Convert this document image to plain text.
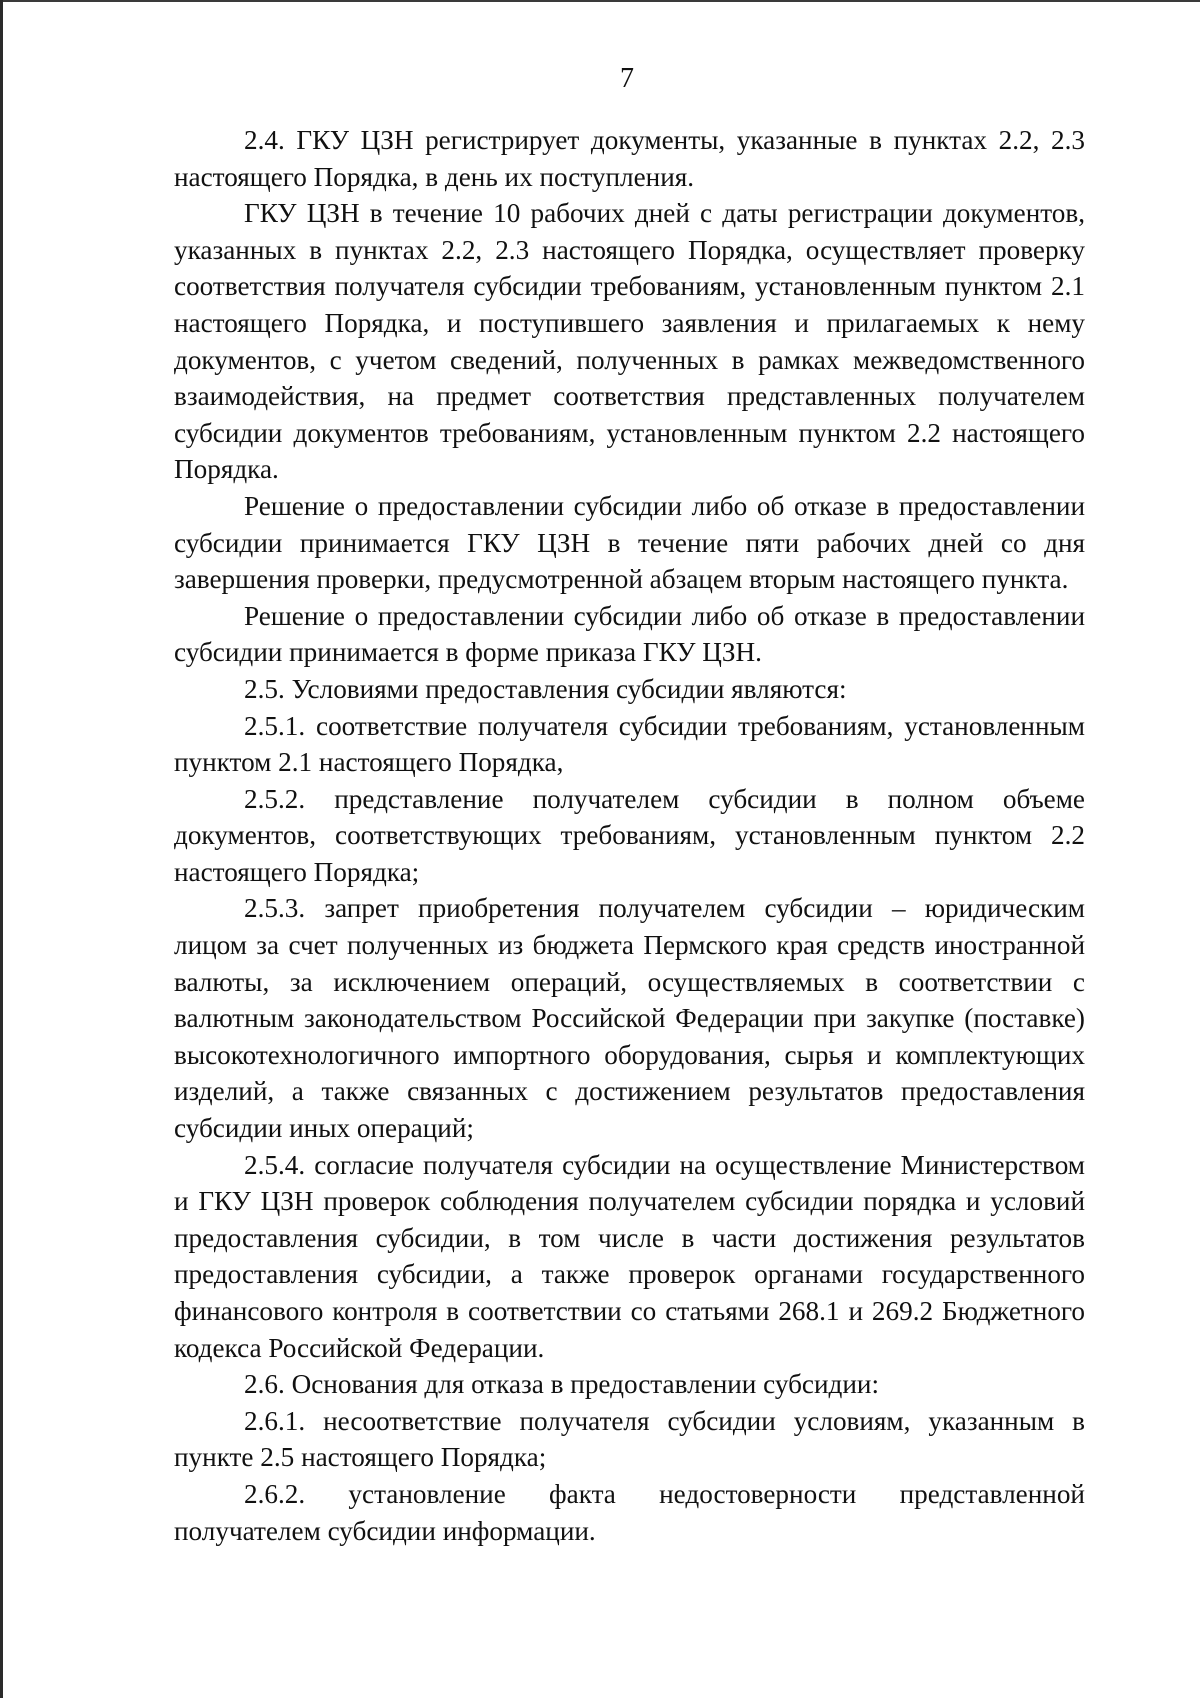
7

2.4. ГКУ ЦЗН регистрирует документы, указанные в пунктах 2.2, 2.3 настоящего Порядка, в день их поступления.

ГКУ ЦЗН в течение 10 рабочих дней с даты регистрации документов, указанных в пунктах 2.2, 2.3 настоящего Порядка, осуществляет проверку соответствия получателя субсидии требованиям, установленным пунктом 2.1 настоящего Порядка, и поступившего заявления и прилагаемых к нему документов, с учетом сведений, полученных в рамках межведомственного взаимодействия, на предмет соответствия представленных получателем субсидии документов требованиям, установленным пунктом 2.2 настоящего Порядка.

Решение о предоставлении субсидии либо об отказе в предоставлении субсидии принимается ГКУ ЦЗН в течение пяти рабочих дней со дня завершения проверки, предусмотренной абзацем вторым настоящего пункта.

Решение о предоставлении субсидии либо об отказе в предоставлении субсидии принимается в форме приказа ГКУ ЦЗН.

2.5. Условиями предоставления субсидии являются:

2.5.1. соответствие получателя субсидии требованиям, установленным пунктом 2.1 настоящего Порядка,

2.5.2. представление получателем субсидии в полном объеме документов, соответствующих требованиям, установленным пунктом 2.2 настоящего Порядка;

2.5.3. запрет приобретения получателем субсидии – юридическим лицом за счет полученных из бюджета Пермского края средств иностранной валюты, за исключением операций, осуществляемых в соответствии с валютным законодательством Российской Федерации при закупке (поставке) высокотехнологичного импортного оборудования, сырья и комплектующих изделий, а также связанных с достижением результатов предоставления субсидии иных операций;

2.5.4. согласие получателя субсидии на осуществление Министерством и ГКУ ЦЗН проверок соблюдения получателем субсидии порядка и условий предоставления субсидии, в том числе в части достижения результатов предоставления субсидии, а также проверок органами государственного финансового контроля в соответствии со статьями 268.1 и 269.2 Бюджетного кодекса Российской Федерации.

2.6. Основания для отказа в предоставлении субсидии:

2.6.1. несоответствие получателя субсидии условиям, указанным в пункте 2.5 настоящего Порядка;

2.6.2. установление факта недостоверности представленной получателем субсидии информации.
